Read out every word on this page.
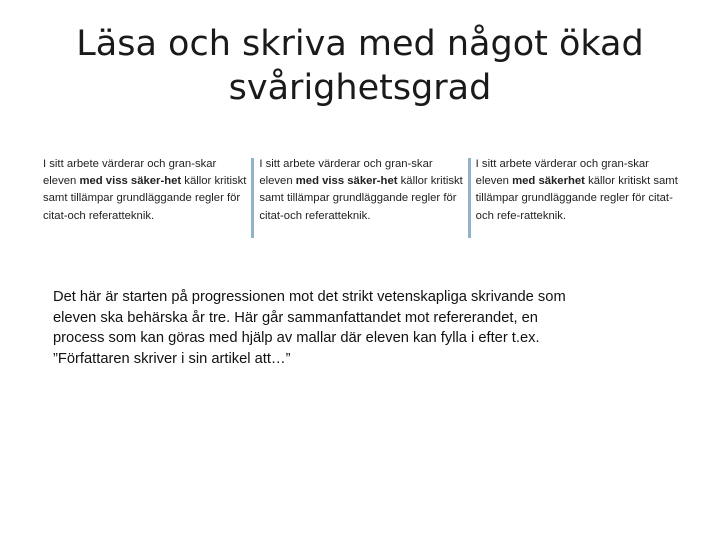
Läsa och skriva med något ökad
svårighetsgrad
I sitt arbete värderar och gran-skar eleven med viss säker-het källor kritiskt samt tillämpar grundläggande regler för citat-och referatteknik.
I sitt arbete värderar och gran-skar eleven med viss säker-het källor kritiskt samt tillämpar grundläggande regler för citat-och referatteknik.
I sitt arbete värderar och gran-skar eleven med säkerhet källor kritiskt samt tillämpar grundläggande regler för citat- och refe-ratteknik.

Det här är starten på progressionen mot det strikt vetenskapliga skrivande som
eleven ska behärska år tre. Här går sammanfattandet mot refererandet, en
process som kan göras med hjälp av mallar där eleven kan fylla i efter t.ex.
”Författaren skriver i sin artikel att…”
